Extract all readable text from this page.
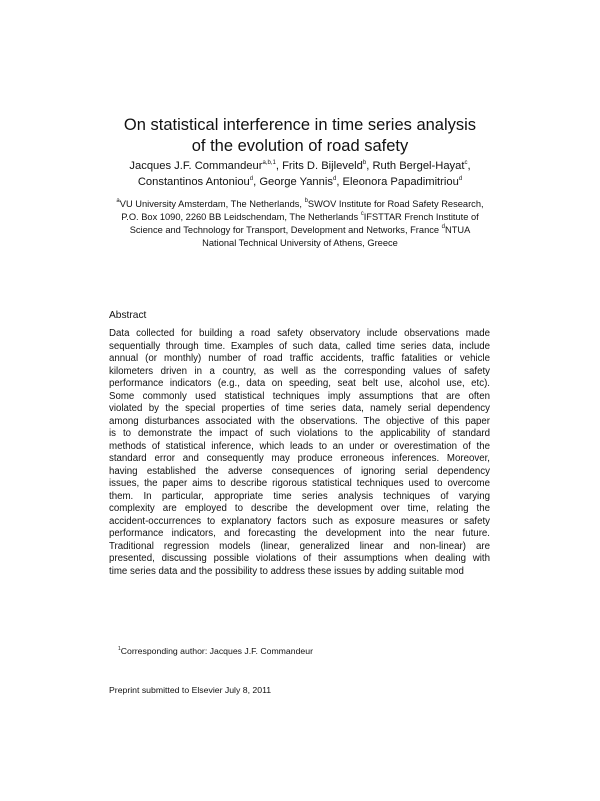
On statistical interference in time series analysis
of the evolution of road safety
Jacques J.F. Commandeur$^{a,b,1}$, Frits D. Bijleveld$^b$, Ruth Bergel-Hayat$^c$,
Constantinos Antoniou$^d$, George Yannis$^d$, Eleonora Papadimitriou$^d$
$^a$VU University Amsterdam, The Netherlands, $^b$SWOV Institute for Road Safety Research,
P.O. Box 1090, 2260 BB Leidschendam, The Netherlands $^c$IFSTTAR French Institute of
Science and Technology for Transport, Development and Networks, France $^d$NTUA
National Technical University of Athens, Greece
Abstract
Data collected for building a road safety observatory include observations made
sequentially through time. Examples of such data, called time series data, include
annual (or monthly) number of road traffic accidents, traffic fatalities or vehicle
kilometers driven in a country, as well as the corresponding values of safety
performance indicators (e.g., data on speeding, seat belt use, alcohol use, etc).
Some commonly used statistical techniques imply assumptions that are often
violated by the special properties of time series data, namely serial dependency
among disturbances associated with the observations. The objective of this paper
is to demonstrate the impact of such violations to the applicability of standard
methods of statistical inference, which leads to an under or overestimation of the
standard error and consequently may produce erroneous inferences. Moreover,
having established the adverse consequences of ignoring serial dependency
issues, the paper aims to describe rigorous statistical techniques used to overcome
them. In particular, appropriate time series analysis techniques of varying
complexity are employed to describe the development over time, relating the
accident-occurrences to explanatory factors such as exposure measures or safety
performance indicators, and forecasting the development into the near future.
Traditional regression models (linear, generalized linear and non-linear) are
presented, discussing possible violations of their assumptions when dealing with
time series data and the possibility to address these issues by adding suitable mod
$^1$Corresponding author: Jacques J.F. Commandeur
Preprint submitted to Elsevier July 8, 2011
